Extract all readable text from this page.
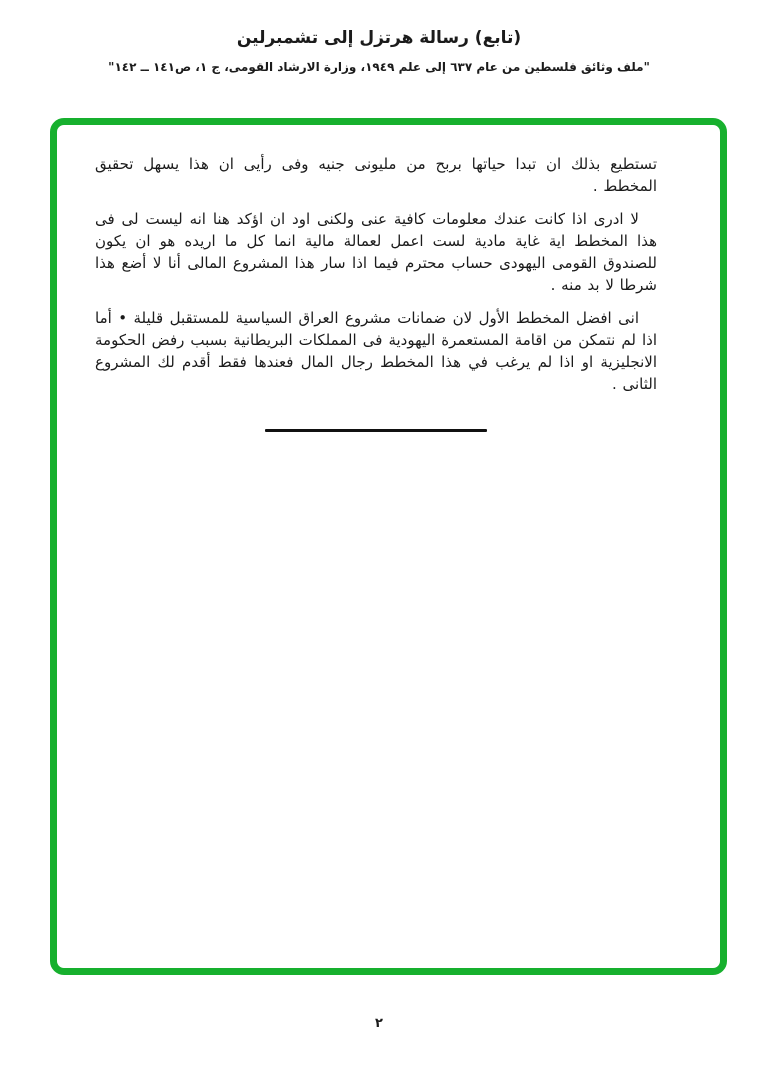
(تابع) رسالة هرتزل إلى تشمبرلين
"ملف وثائق فلسطين من عام ٦٣٧ إلى علم ١٩٤٩، وزارة الارشاد القومى، ج ١، ص١٤١ ــ ١٤٢"

تستطيع بذلك ان تبدا حياتها بربح من مليونى جنيه وفى رأيى ان هذا يسهل تحقيق المخطط .

لا ادرى اذا كانت عندك معلومات كافية عنى ولكنى اود ان اؤكد هنا انه ليست لى فى هذا المخطط اية غاية مادية لست اعمل لعمالة مالية انما كل ما اريده هو ان يكون للصندوق القومى اليهودى حساب محترم فيما اذا سار هذا المشروع المالى أنا لا أضع هذا شرطا لا بد منه .

انى افضل المخطط الأول لان ضمانات مشروع العراق السياسية للمستقبل قليلة • أما اذا لم نتمكن من اقامة المستعمرة اليهودية فى المملكات البريطانية بسبب رفض الحكومة الانجليزية او اذا لم يرغب في هذا المخطط رجال المال فعندها فقط أقدم لك المشروع الثانى .

٢
